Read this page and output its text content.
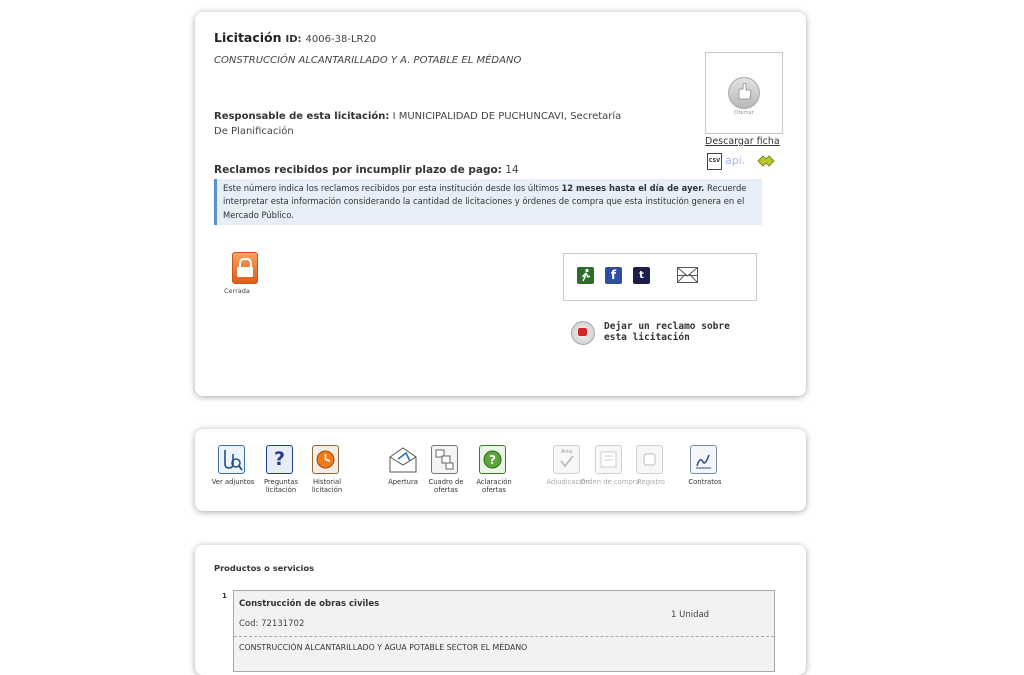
Licitación ID: 4006-38-LR20
CONSTRUCCIÓN ALCANTARILLADO Y A. POTABLE EL MÉDANO
Responsable de esta licitación: I MUNICIPALIDAD DE PUCHUNCAVI, Secretaría De Planificación
Reclamos recibidos por incumplir plazo de pago: 14
Este número indica los reclamos recibidos por esta institución desde los últimos 12 meses hasta el día de ayer. Recuerde interpretar esta información considerando la cantidad de licitaciones y órdenes de compra que esta institución genera en el Mercado Público.
Ofertar
Descargar ficha
CSV api.
Cerrada
f	t
Dejar un reclamo sobre esta licitación
Ver adjuntos
?
Preguntas licitación
Historial licitación
Apertura	Cuadro de ofertas
?
Aclaración ofertas
Acta
Adjudicación
Orden de compra
Registro	Contratos
Productos o servicios
1
Construcción de obras civiles
Cod: 72131702
1 Unidad
CONSTRUCCIÓN ALCANTARILLADO Y AGUA POTABLE SECTOR EL MÉDANO
